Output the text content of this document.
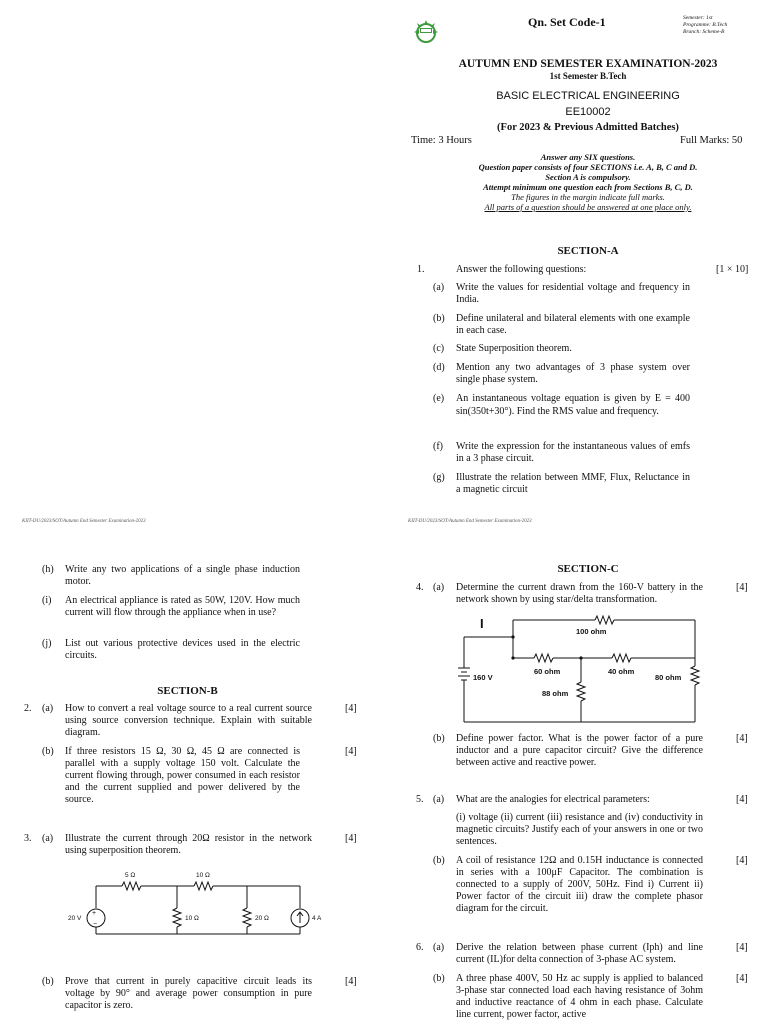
Qn. Set Code-1	Semester: 1st
Programme: B.Tech
Branch: Scheme-B
AUTUMN END SEMESTER EXAMINATION-2023
1st Semester B.Tech
BASIC ELECTRICAL ENGINEERING
EE10002
(For 2023 & Previous Admitted Batches)
Time: 3 Hours	Full Marks: 50
Answer any SIX questions.
Question paper consists of four SECTIONS i.e. A, B, C and D.
Section A is compulsory.
Attempt minimum one question each from Sections B, C, D.
The figures in the margin indicate full marks.
All parts of a question should be answered at one place only.
SECTION-A
1.	Answer the following questions:	[1 × 10]
(a) Write the values for residential voltage and frequency in India.
(b) Define unilateral and bilateral elements with one example in each case.
(c) State Superposition theorem.
(d) Mention any two advantages of 3 phase system over single phase system.
(e) An instantaneous voltage equation is given by E = 400 sin(350t+30°). Find the RMS value and frequency.
(f) Write the expression for the instantaneous values of emfs in a 3 phase circuit.
(g) Illustrate the relation between MMF, Flux, Reluctance in a magnetic circuit
KIIT-DU/2023/SOT/Autumn End Semester Examination-2023	KIIT-DU/2023/SOT/Autumn End Semester Examination-2023
(h) Write any two applications of a single phase induction motor.
(i) An electrical appliance is rated as 50W, 120V. How much current will flow through the appliance when in use?
(j) List out various protective devices used in the electric circuits.
SECTION-B
2. (a) How to convert a real voltage source to a real current source using source conversion technique. Explain with suitable diagram.
[4]
(b) If three resistors 15 Ω, 30 Ω, 45 Ω are connected is parallel with a supply voltage 150 volt. Calculate the current flowing through, power consumed in each resistor and the current supplied and power delivered by the source.
[4]
3. (a) Illustrate the current through 20Ω resistor in the network using superposition theorem.
[4]
+
−
5 Ω	10 Ω
10 Ω	20 Ω
20 V	4 A
(b) Prove that current in purely capacitive circuit leads its voltage by 90° and average power consumption in pure capacitor is zero.
[4]
SECTION-C
4. (a) Determine the current drawn from the 160-V battery in the network shown by using star/delta transformation.
[4]
I
160 V
100 ohm
60 ohm	40 ohm
80 ohm
88 ohm
(b) Define power factor. What is the power factor of a pure inductor and a pure capacitor circuit? Give the difference between active and reactive power.
[4]
5. (a) What are the analogies for electrical parameters:	[4]
(i) voltage (ii) current (iii) resistance and (iv) conductivity in magnetic circuits? Justify each of your answers in one or two sentences.
(b) A coil of resistance 12Ω and 0.15H inductance is connected in series with a 100μF Capacitor. The combination is connected to a supply of 200V, 50Hz. Find i) Current ii) Power factor of the circuit iii) draw the complete phasor diagram for the circuit.
[4]
6. (a) Derive the relation between phase current (Iph) and line current (IL)for delta connection of 3-phase AC system.
[4]
(b) A three phase 400V, 50 Hz ac supply is applied to balanced 3-phase star connected load each having resistance of 3ohm and inductive reactance of 4 ohm in each phase. Calculate line current, power factor, active
[4]
